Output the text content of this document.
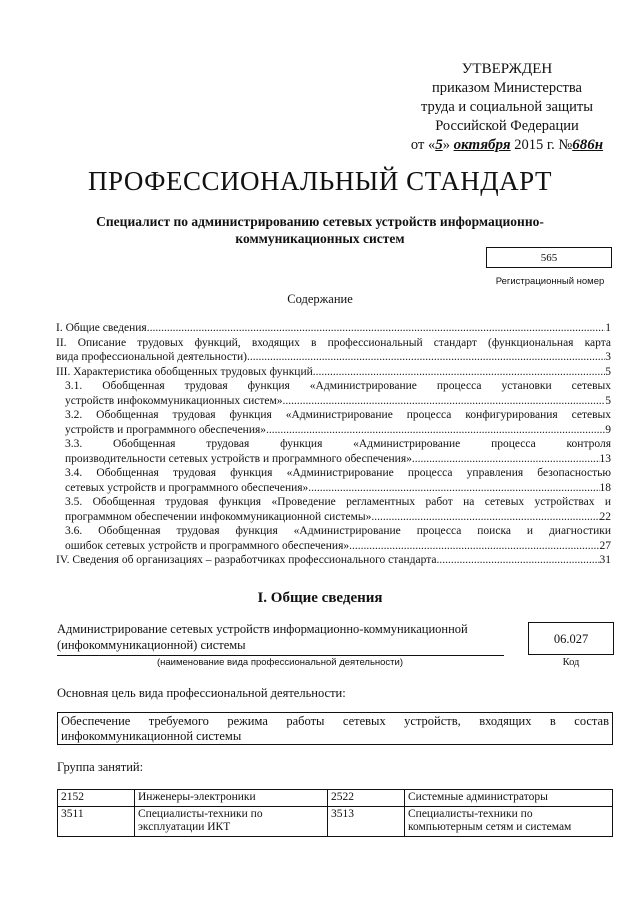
УТВЕРЖДЕН
приказом Министерства
труда и социальной защиты
Российской Федерации
от «5» октября 2015 г. №686н
ПРОФЕССИОНАЛЬНЫЙ СТАНДАРТ
Специалист по администрированию сетевых устройств информационно-коммуникационных систем
565
Регистрационный номер
Содержание
I. Общие сведения .....	1
II. Описание трудовых функций, входящих в профессиональный стандарт (функциональная карта
вида профессиональной деятельности) .....	3
III. Характеристика обобщенных трудовых функций .....	5
3.1. Обобщенная трудовая функция «Администрирование процесса установки сетевых
устройств инфокоммуникационных систем» .....	5
3.2. Обобщенная трудовая функция «Администрирование процесса конфигурирования сетевых
устройств и программного обеспечения» .....	9
3.3. Обобщенная трудовая функция «Администрирование процесса контроля
производительности сетевых устройств и программного обеспечения» .....	13
3.4. Обобщенная трудовая функция «Администрирование процесса управления безопасностью
сетевых устройств и программного обеспечения» .....	18
3.5. Обобщенная трудовая функция «Проведение регламентных работ на сетевых устройствах и
программном обеспечении инфокоммуникационной системы» .....	22
3.6. Обобщенная трудовая функция «Администрирование процесса поиска и диагностики
ошибок сетевых устройств и программного обеспечения» .....	27
IV. Сведения об организациях – разработчиках профессионального стандарта .....	31
I. Общие сведения
Администрирование сетевых устройств информационно-коммуникационной (инфокоммуникационной) системы
(наименование вида профессиональной деятельности)
06.027
Код
Основная цель вида профессиональной деятельности:
Обеспечение требуемого режима работы сетевых устройств, входящих в состав инфокоммуникационной системы
Группа занятий:
2152	Инженеры-электроники	2522	Системные администраторы
3511	Специалисты-техники по эксплуатации ИКТ	3513	Специалисты-техники по компьютерным сетям и системам
